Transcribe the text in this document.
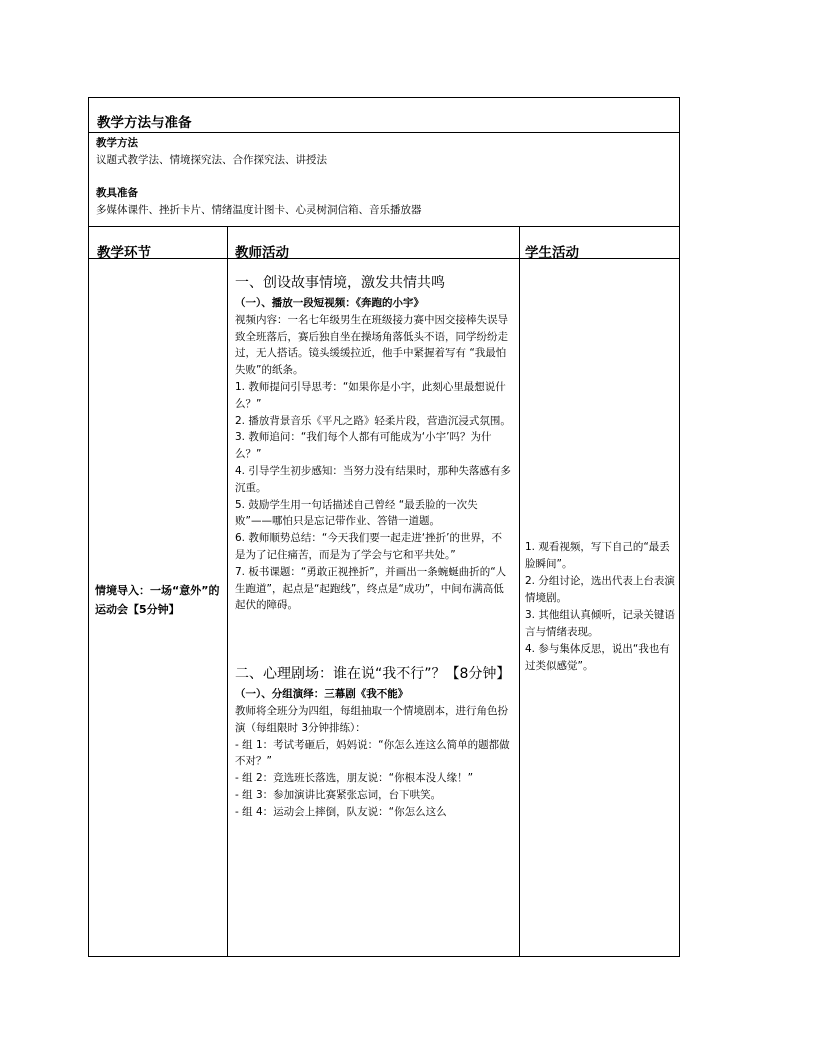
教学方法与准备
教学方法
议题式教学法、情境探究法、合作探究法、讲授法
教具准备
多媒体课件、挫折卡片、情绪温度计图卡、心灵树洞信箱、音乐播放器
教学环节	教师活动	学生活动
情境导入：一场“意外”的运动会【5分钟】

一、创设故事情境，激发共情共鸣

（一）、播放一段短视频：《奔跑的小宇》

视频内容：一名七年级男生在班级接力赛中因交接棒失误导致全班落后，赛后独自坐在操场角落低头不语，同学纷纷走过，无人搭话。镜头缓缓拉近，他手中紧握着写有 “我最怕失败”的纸条。

1. 教师提问引导思考：“如果你是小宇，此刻心里最想说什么？”

2. 播放背景音乐《平凡之路》轻柔片段，营造沉浸式氛围。

3. 教师追问：“我们每个人都有可能成为‘小宇’吗？为什么？”

4. 引导学生初步感知：当努力没有结果时，那种失落感有多沉重。

5. 鼓励学生用一句话描述自己曾经 “最丢脸的一次失败”——哪怕只是忘记带作业、答错一道题。

6. 教师顺势总结：“今天我们要一起走进‘挫折’的世界，不是为了记住痛苦，而是为了学会与它和平共处。”

7. 板书课题：“勇敢正视挫折”，并画出一条蜿蜒曲折的“人生跑道”，起点是“起跑线”，终点是“成功”，中间布满高低起伏的障碍。

二、心理剧场：谁在说“我不行”？【8分钟】

（一）、分组演绎：三幕剧《我不能》

教师将全班分为四组，每组抽取一个情境剧本，进行角色扮演（每组限时 3分钟排练）：

- 组 1：考试考砸后，妈妈说：“你怎么连这么简单的题都做不对？”

- 组 2：竞选班长落选，朋友说：“你根本没人缘！”

- 组 3：参加演讲比赛紧张忘词，台下哄笑。

- 组 4：运动会上摔倒，队友说：“你怎么这么

1. 观看视频，写下自己的“最丢脸瞬间”。

2. 分组讨论，选出代表上台表演情境剧。

3. 其他组认真倾听，记录关键语言与情绪表现。

4. 参与集体反思，说出“我也有过类似感觉”。
